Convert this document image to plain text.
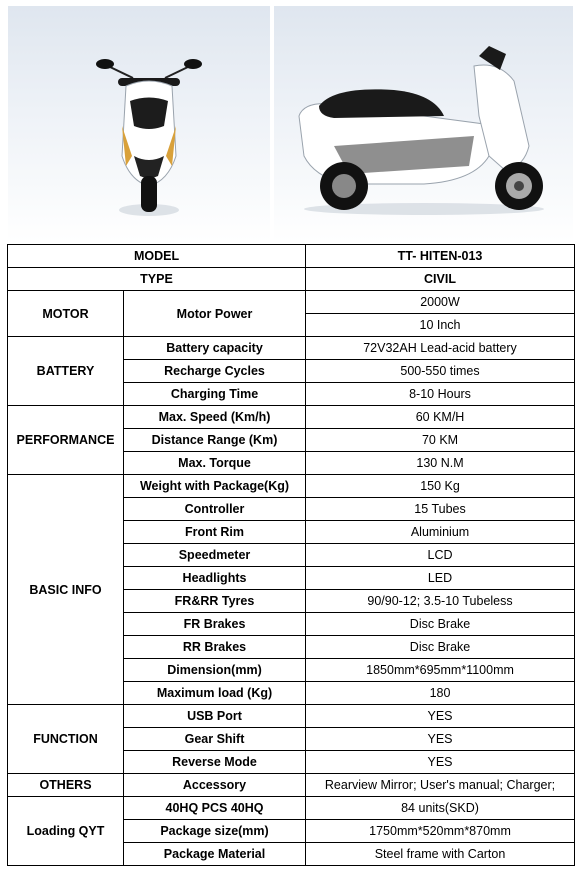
MODEL		TT- HITEN-013
TYPE		CIVIL
MOTOR	Motor Power	2000W
		10 Inch
BATTERY	Battery capacity	72V32AH Lead-acid battery
	Recharge Cycles	500-550 times
	Charging Time	8-10 Hours
PERFORMANCE	Max. Speed (Km/h)	60 KM/H
	Distance Range (Km)	70 KM
	Max. Torque	130 N.M
BASIC INFO	Weight with Package(Kg)	150 Kg
	Controller	15 Tubes
	Front Rim	Aluminium
	Speedmeter	LCD
	Headlights	LED
	FR&RR Tyres	90/90-12; 3.5-10 Tubeless
	FR Brakes	Disc Brake
	RR Brakes	Disc Brake
	Dimension(mm)	1850mm*695mm*1100mm
	Maximum load (Kg)	180
FUNCTION	USB Port	YES
	Gear Shift	YES
	Reverse Mode	YES
OTHERS	Accessory	Rearview Mirror; User's manual; Charger;
Loading QYT	40HQ PCS 40HQ	84 units(SKD)
	Package size(mm)	1750mm*520mm*870mm
	Package Material	Steel frame with Carton
